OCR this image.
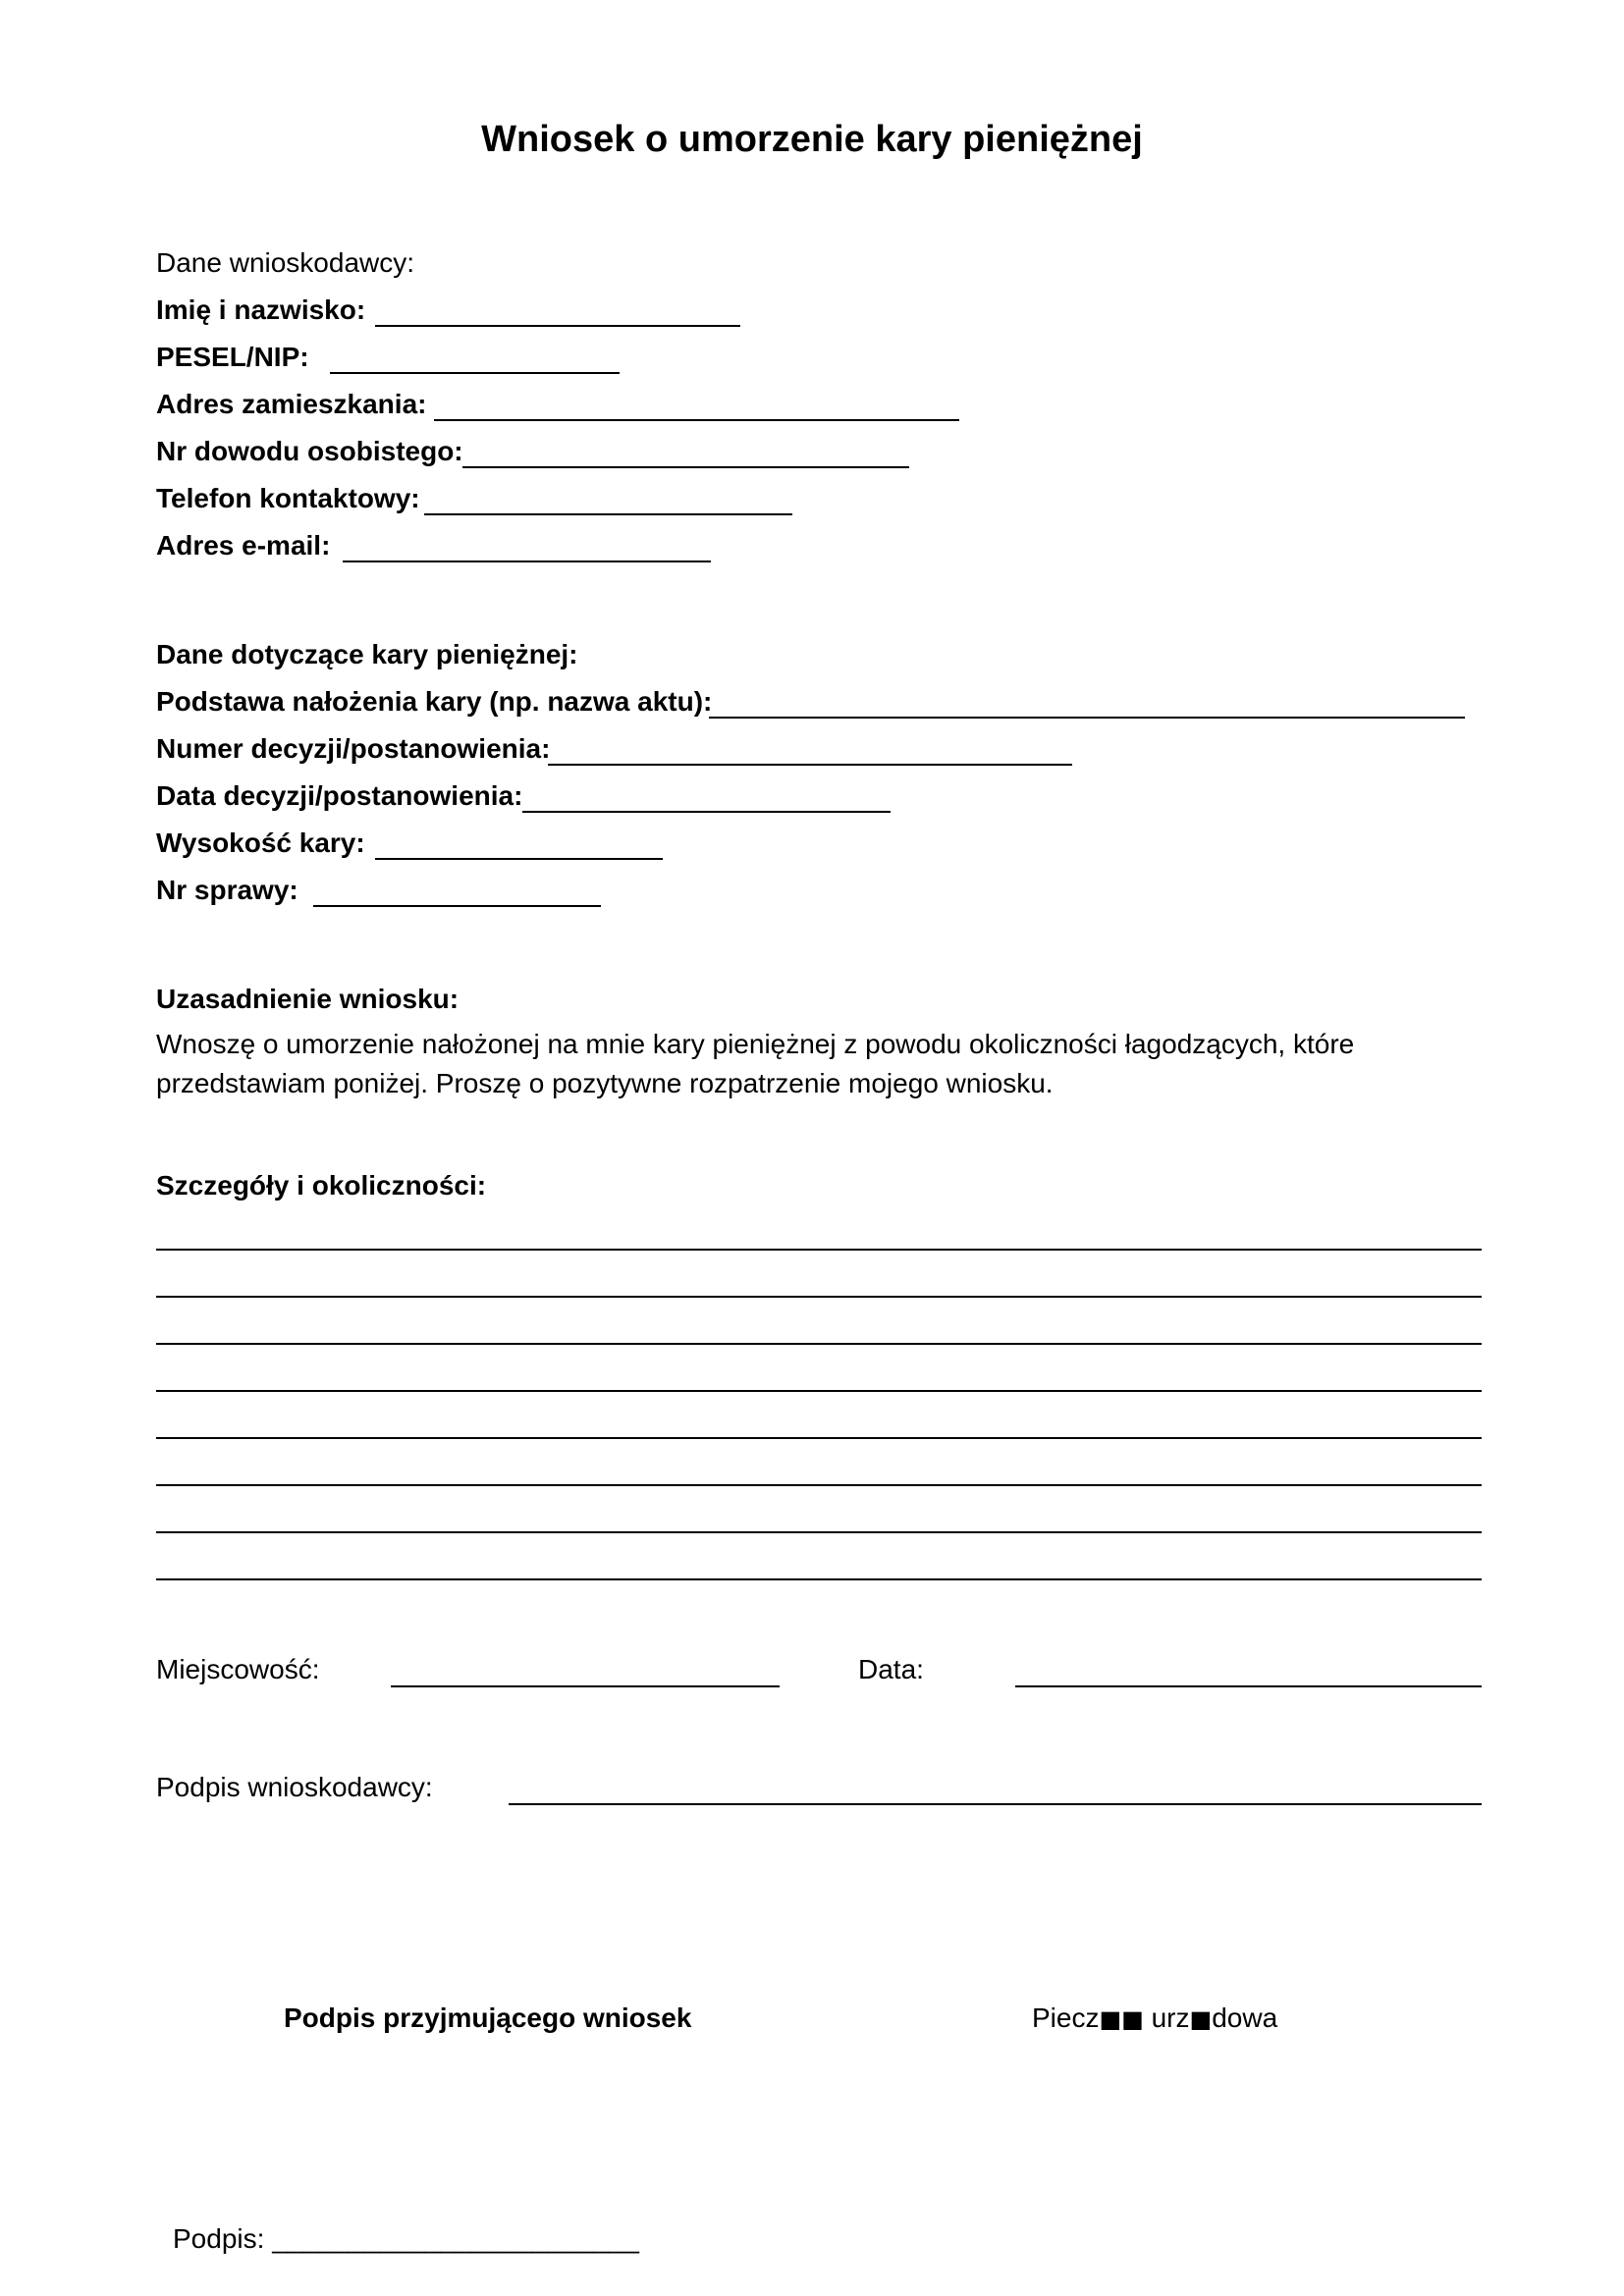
Wniosek o umorzenie kary pieniężnej
Dane wnioskodawcy:
Imię i nazwisko:
PESEL/NIP:
Adres zamieszkania:
Nr dowodu osobistego:
Telefon kontaktowy:
Adres e-mail:
Dane dotyczące kary pieniężnej:
Podstawa nałożenia kary (np. nazwa aktu):
Numer decyzji/postanowienia:
Data decyzji/postanowienia:
Wysokość kary:
Nr sprawy:
Uzasadnienie wniosku:
Wnoszę o umorzenie nałożonej na mnie kary pieniężnej z powodu okoliczności łagodzących, które przedstawiam poniżej. Proszę o pozytywne rozpatrzenie mojego wniosku.
Szczegóły i okoliczności:
Miejscowość:	Data:
Podpis wnioskodawcy:
Podpis przyjmującego wniosek	Piecz■■ urz■dowa
Podpis: ________________________
